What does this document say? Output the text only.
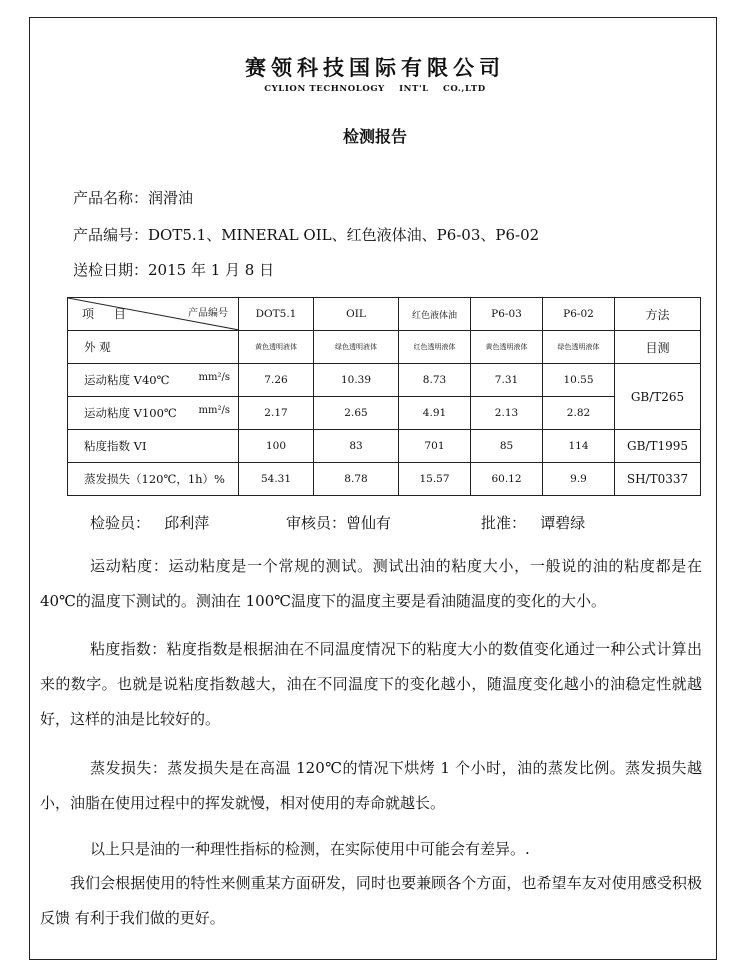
赛领科技国际有限公司
CYLION TECHNOLOGY    INT'L    CO.,LTD
检测报告
产品名称：润滑油
产品编号：DOT5.1、MINERAL OIL、红色液体油、P6-03、P6-02
送检日期：2015 年 1 月 8 日
项 目 产品编号	DOT5.1	OIL	红色液体油	P6-03	P6-02	方法
外 观	黄色透明液体	绿色透明液体	红色透明液体	黄色透明液体	绿色透明液体	目测
运动粘度 V40℃ mm²/s	7.26	10.39	8.73	7.31	10.55	GB/T265
运动粘度 V100℃ mm²/s	2.17	2.65	4.91	2.13	2.82	
粘度指数 VI	100	83	701	85	114	GB/T1995
蒸发损失（120℃，1h）%	54.31	8.78	15.57	60.12	9.9	SH/T0337
检验员：   邱利萍	审核员：曾仙有	批准：   谭碧绿

运动粘度：运动粘度是一个常规的测试。测试出油的粘度大小，一般说的油的粘度都是在 40℃的温度下测试的。测油在 100℃温度下的温度主要是看油随温度的变化的大小。

粘度指数：粘度指数是根据油在不同温度情况下的粘度大小的数值变化通过一种公式计算出来的数字。也就是说粘度指数越大，油在不同温度下的变化越小，随温度变化越小的油稳定性就越好，这样的油是比较好的。

蒸发损失：蒸发损失是在高温 120℃的情况下烘烤 1 个小时，油的蒸发比例。蒸发损失越小，油脂在使用过程中的挥发就慢，相对使用的寿命就越长。

以上只是油的一种理性指标的检测，在实际使用中可能会有差异。.

我们会根据使用的特性来侧重某方面研发，同时也要兼顾各个方面，也希望车友对使用感受积极反馈 有利于我们做的更好。
